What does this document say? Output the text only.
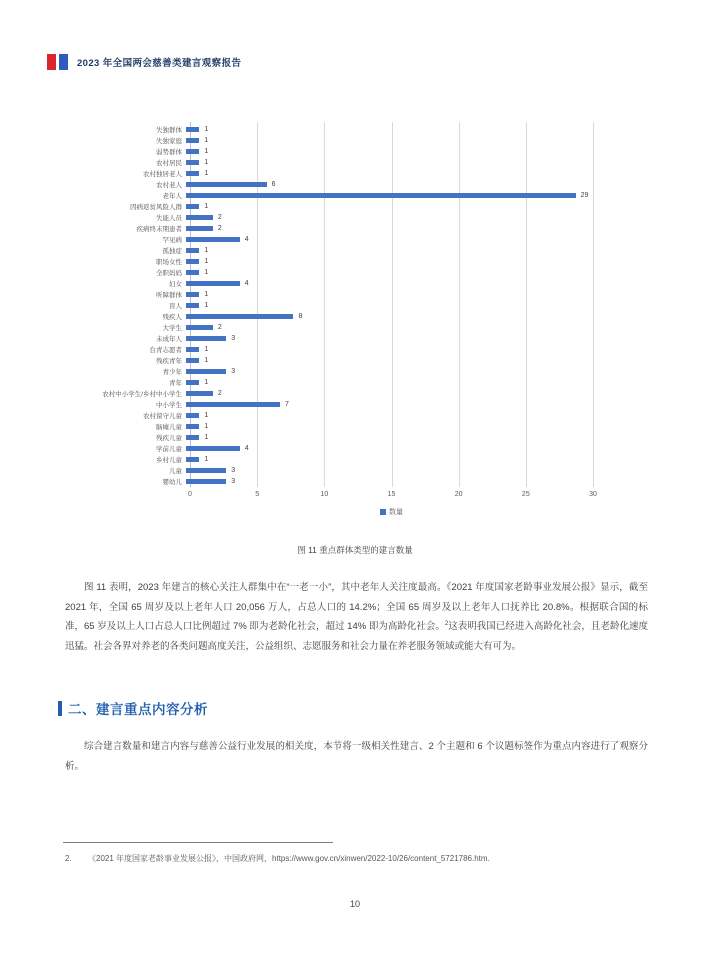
2023 年全国两会慈善类建言观察报告
失独群体	1
失独家庭	1
弱势群体	1
农村居民	1
农村独居老人	1
农村老人	6
老年人	29
因病返贫风险人群	1
失能人员	2
疾病终末期患者	2
罕见病	4
孤独症	1
职场女性	1
全职妈妈	1
妇女	4
听障群体	1
盲人	1
残疾人	8
大学生	2
未成年人	3
台青志愿者	1
残疾青年	1
青少年	3
青年	1
农村中小学生/乡村中小学生	2
中小学生	7
农村留守儿童	1
脑瘫儿童	1
残疾儿童	1
学前儿童	4
乡村儿童	1
儿童	3
婴幼儿	3
0	5	10	15	20	25	30
数量
图 11 重点群体类型的建言数量

图 11 表明，2023 年建言的核心关注人群集中在“一老一小”，其中老年人关注度最高。《2021 年度国家老龄事业发展公报》显示，截至 2021 年，全国 65 周岁及以上老年人口 20,056 万人，占总人口的 14.2%；全国 65 周岁及以上老年人口抚养比 20.8%。根据联合国的标准，65 岁及以上人口占总人口比例超过 7% 即为老龄化社会，超过 14% 即为高龄化社会。$^2$这表明我国已经进入高龄化社会，且老龄化速度迅猛。社会各界对养老的各类问题高度关注，公益组织、志愿服务和社会力量在养老服务领域或能大有可为。

二、建言重点内容分析

综合建言数量和建言内容与慈善公益行业发展的相关度，本节将一级相关性建言、2 个主题和 6 个议题标签作为重点内容进行了观察分析。

2.	《2021 年度国家老龄事业发展公报》，中国政府网，https://www.gov.cn/xinwen/2022-10/26/content_5721786.htm.
10
